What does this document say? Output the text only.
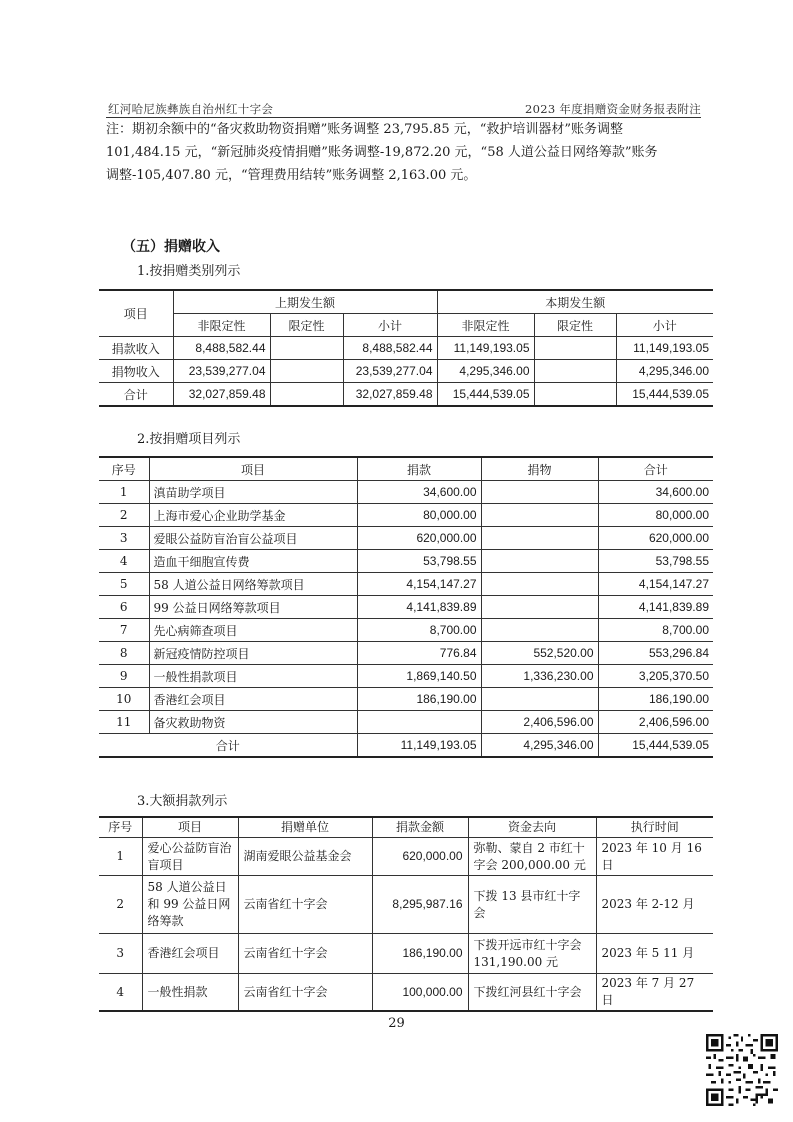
红河哈尼族彝族自治州红十字会	2023 年度捐赠资金财务报表附注
注：期初余额中的“备灾救助物资捐赠”账务调整 23,795.85 元，“救护培训器材”账务调整
101,484.15 元，“新冠肺炎疫情捐赠”账务调整-19,872.20 元，“58 人道公益日网络筹款”账务
调整-105,407.80 元，“管理费用结转”账务调整 2,163.00 元。
（五）捐赠收入
1.按捐赠类别列示
项目	上期发生额			本期发生额		
	非限定性	限定性	小计	非限定性	限定性	小计
捐款收入	8,488,582.44		8,488,582.44	11,149,193.05		11,149,193.05
捐物收入	23,539,277.04		23,539,277.04	4,295,346.00		4,295,346.00
合计	32,027,859.48		32,027,859.48	15,444,539.05		15,444,539.05
2.按捐赠项目列示
序号	项目	捐款	捐物	合计
1	滇苗助学项目	34,600.00		34,600.00
2	上海市爱心企业助学基金	80,000.00		80,000.00
3	爱眼公益防盲治盲公益项目	620,000.00		620,000.00
4	造血干细胞宣传费	53,798.55		53,798.55
5	58 人道公益日网络筹款项目	4,154,147.27		4,154,147.27
6	99 公益日网络筹款项目	4,141,839.89		4,141,839.89
7	先心病筛查项目	8,700.00		8,700.00
8	新冠疫情防控项目	776.84	552,520.00	553,296.84
9	一般性捐款项目	1,869,140.50	1,336,230.00	3,205,370.50
10	香港红会项目	186,190.00		186,190.00
11	备灾救助物资		2,406,596.00	2,406,596.00
合计		11,149,193.05	4,295,346.00	15,444,539.05
3.大额捐款列示
序号	项目	捐赠单位	捐款金额	资金去向	执行时间
1	爱心公益防盲治盲项目	湖南爱眼公益基金会	620,000.00	弥勒、蒙自 2 市红十字会 200,000.00 元	2023 年 10 月 16 日
2	58 人道公益日和 99 公益日网络筹款	云南省红十字会	8,295,987.16	下拨 13 县市红十字会	2023 年 2-12 月
3	香港红会项目	云南省红十字会	186,190.00	下拨开远市红十字会 131,190.00 元	2023 年 5 11 月
4	一般性捐款	云南省红十字会	100,000.00	下拨红河县红十字会	2023 年 7 月 27 日
29
